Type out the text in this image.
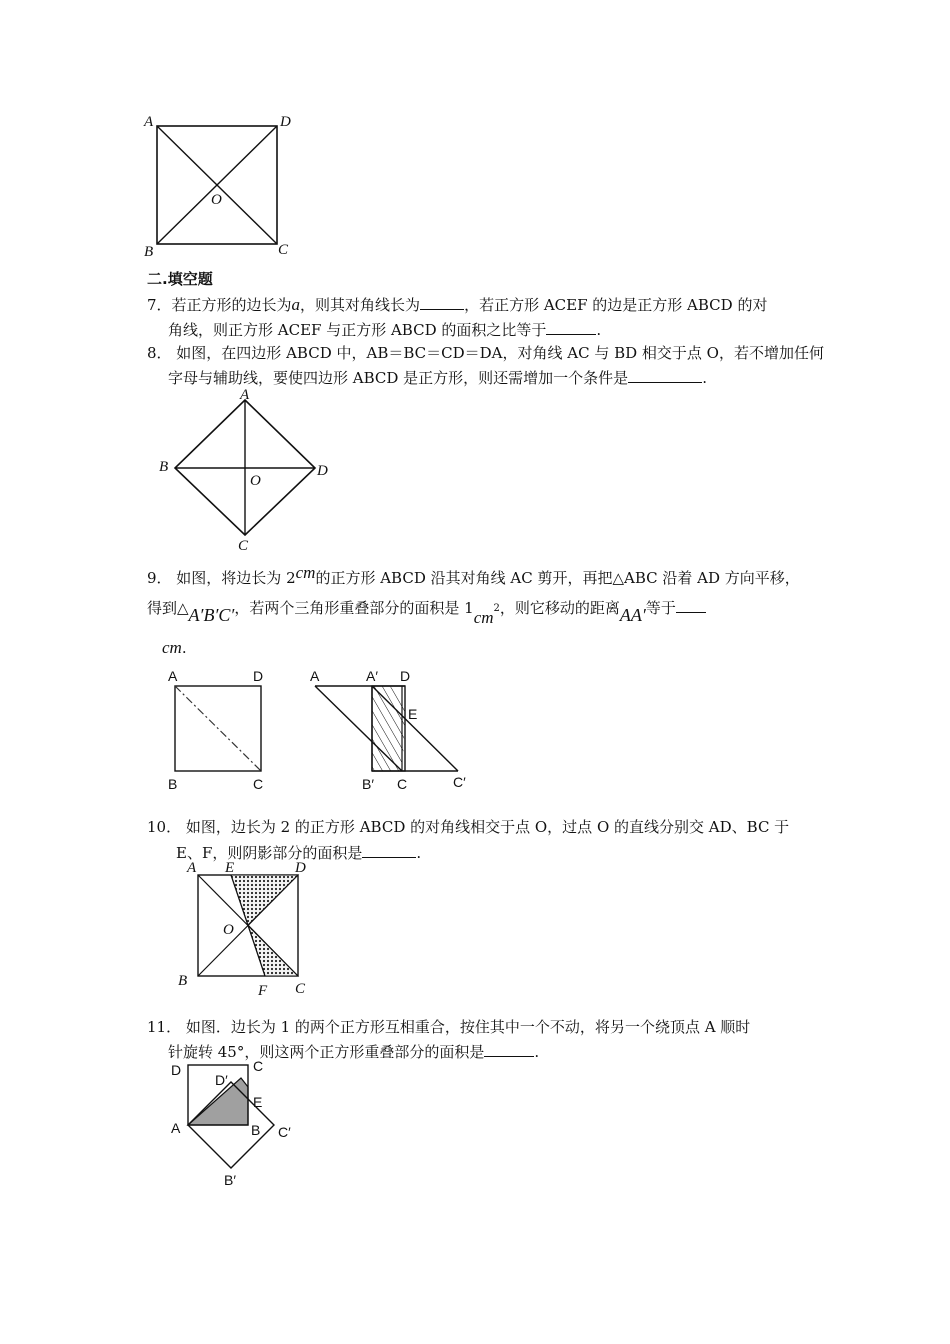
A	D
B	C
O
二.填空题
7．若正方形的边长为a，则其对角线长为	，若正方形 ACEF 的边是正方形 ABCD 的对
角线，则正方形 ACEF 与正方形 ABCD 的面积之比等于	.
8． 如图，在四边形 ABCD 中，AB＝BC＝CD＝DA，对角线 AC 与 BD 相交于点 O，若不增加任何
字母与辅助线，要使四边形 ABCD 是正方形，则还需增加一个条件是	.
A
B	D
O
C
9． 如图，将边长为 2cm的正方形 ABCD 沿其对角线 AC 剪开，再把△ABC 沿着 AD 方向平移，
得到△A′B′C′，若两个三角形重叠部分的面积是 $1cm^2$，则它移动的距离AA′等于
cm.
A	D
B	C
A	A′ D
E
B′ C	C′
10． 如图，边长为 2 的正方形 ABCD 的对角线相交于点 O，过点 O 的直线分别交 AD、BC 于
E、F，则阴影部分的面积是	.
A E	D
O
B
F C
11． 如图．边长为 1 的两个正方形互相重合，按住其中一个不动，将另一个绕顶点 A 顺时
针旋转 45°，则这两个正方形重叠部分的面积是	.
D
D′
C
E
A	B C′
B′
